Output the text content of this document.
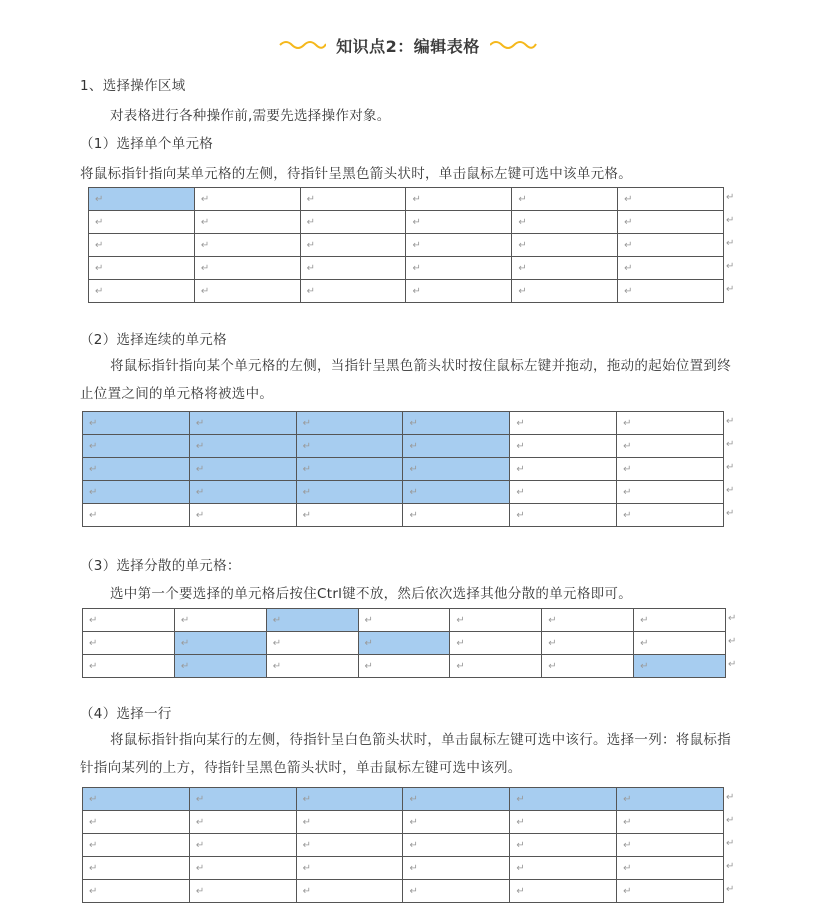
知识点2：编辑表格
1、选择操作区域
对表格进行各种操作前,需要先选择操作对象。
（1）选择单个单元格
将鼠标指针指向某单元格的左侧，待指针呈黑色箭头状时，单击鼠标左键可选中该单元格。
↵	↵	↵	↵	↵	↵
↵	↵	↵	↵	↵	↵
↵	↵	↵	↵	↵	↵
↵	↵	↵	↵	↵	↵
↵	↵	↵	↵	↵	↵
（2）选择连续的单元格
将鼠标指针指向某个单元格的左侧，当指针呈黑色箭头状时按住鼠标左键并拖动，拖动的起始位置到终止位置之间的单元格将被选中。
↵	↵	↵	↵	↵	↵
↵	↵	↵	↵	↵	↵
↵	↵	↵	↵	↵	↵
↵	↵	↵	↵	↵	↵
↵	↵	↵	↵	↵	↵
（3）选择分散的单元格：
选中第一个要选择的单元格后按住Ctrl键不放，然后依次选择其他分散的单元格即可。
↵	↵	↵	↵	↵	↵	↵
↵	↵	↵	↵	↵	↵	↵
↵	↵	↵	↵	↵	↵	↵
（4）选择一行
将鼠标指针指向某行的左侧，待指针呈白色箭头状时，单击鼠标左键可选中该行。选择一列：将鼠标指针指向某列的上方，待指针呈黑色箭头状时，单击鼠标左键可选中该列。
↵	↵	↵	↵	↵	↵
↵	↵	↵	↵	↵	↵
↵	↵	↵	↵	↵	↵
↵	↵	↵	↵	↵	↵
↵	↵	↵	↵	↵	↵
↵
↵
↵
↵
↵
↵
↵
↵
↵
↵
↵
↵
↵
↵
↵
↵
↵
↵
